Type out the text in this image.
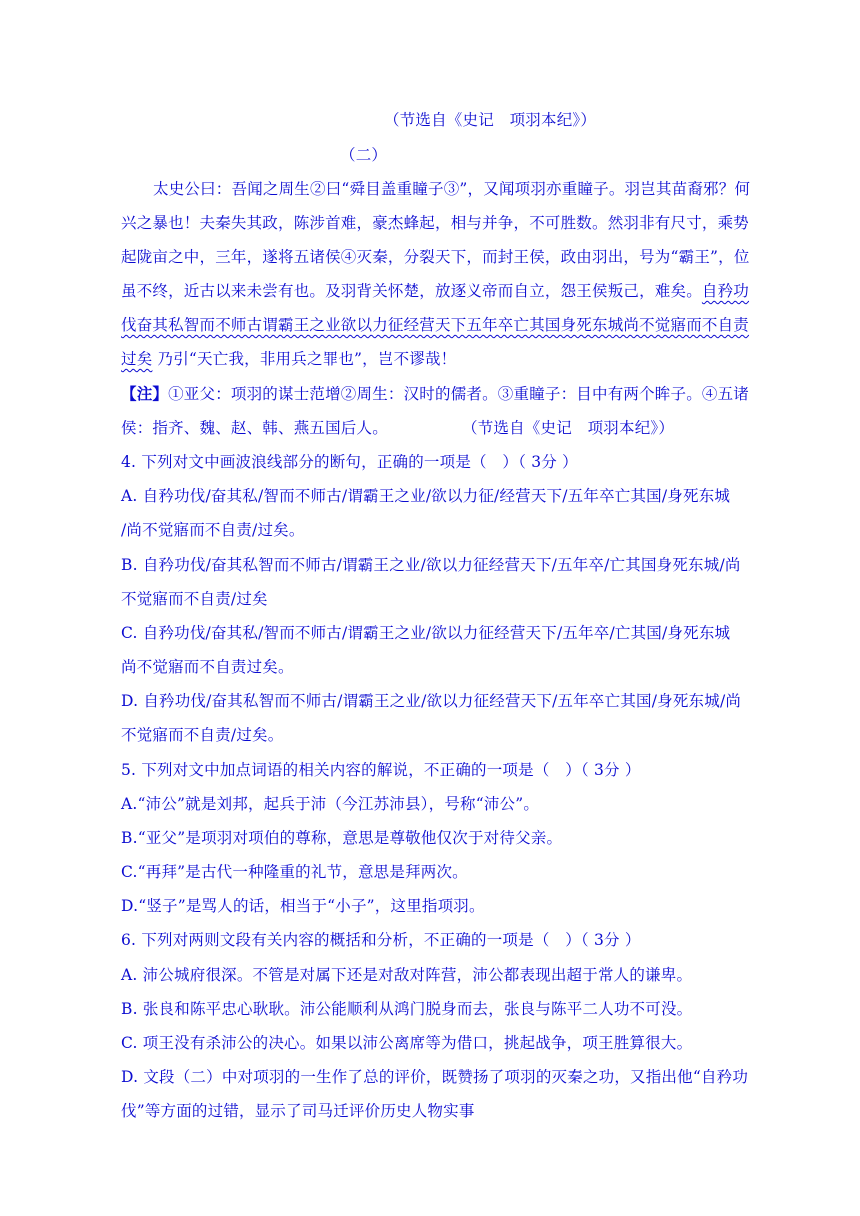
（节选自《史记　项羽本纪》）
（二）
太史公曰：吾闻之周生②曰“舜目盖重瞳子③”，又闻项羽亦重瞳子。羽岂其苗裔邪？何
兴之暴也！夫秦失其政，陈涉首难，豪杰蜂起，相与并争，不可胜数。然羽非有尺寸，乘势
起陇亩之中，三年，遂将五诸侯④灭秦，分裂天下，而封王侯，政由羽出，号为“霸王”，位
虽不终，近古以来未尝有也。及羽背关怀楚，放逐义帝而自立，怨王侯叛己，难矣。自矜功
伐奋其私智而不师古谓霸王之业欲以力征经营天下五年卒亡其国身死东城尚不觉寤而不自责
过矣 乃引“天亡我，非用兵之罪也”，岂不谬哉！
【注】①亚父：项羽的谋士范增②周生：汉时的儒者。③重瞳子：目中有两个眸子。④五诸
侯：指齐、魏、赵、韩、燕五国后人。	（节选自《史记　项羽本纪》）
4. 下列对文中画波浪线部分的断句，正确的一项是（　）（ 3分 ）
A. 自矜功伐/奋其私/智而不师古/谓霸王之业/欲以力征/经营天下/五年卒亡其国/身死东城
/尚不觉寤而不自责/过矣。
B. 自矜功伐/奋其私智而不师古/谓霸王之业/欲以力征经营天下/五年卒/亡其国身死东城/尚
不觉寤而不自责/过矣
C. 自矜功伐/奋其私/智而不师古/谓霸王之业/欲以力征经营天下/五年卒/亡其国/身死东城
尚不觉寤而不自责过矣。
D. 自矜功伐/奋其私智而不师古/谓霸王之业/欲以力征经营天下/五年卒亡其国/身死东城/尚
不觉寤而不自责/过矣。
5. 下列对文中加点词语的相关内容的解说，不正确的一项是（　）（ 3分 ）
A.“沛公”就是刘邦，起兵于沛（今江苏沛县），号称“沛公”。
B.“亚父”是项羽对项伯的尊称，意思是尊敬他仅次于对待父亲。
C.“再拜”是古代一种隆重的礼节，意思是拜两次。
D.“竖子”是骂人的话，相当于“小子”，这里指项羽。
6. 下列对两则文段有关内容的概括和分析，不正确的一项是（　）（ 3分 ）
A. 沛公城府很深。不管是对属下还是对敌对阵营，沛公都表现出超于常人的谦卑。
B. 张良和陈平忠心耿耿。沛公能顺利从鸿门脱身而去，张良与陈平二人功不可没。
C. 项王没有杀沛公的决心。如果以沛公离席等为借口，挑起战争，项王胜算很大。
D. 文段（二）中对项羽的一生作了总的评价，既赞扬了项羽的灭秦之功，又指出他“自矜功
伐”等方面的过错，显示了司马迁评价历史人物实事
